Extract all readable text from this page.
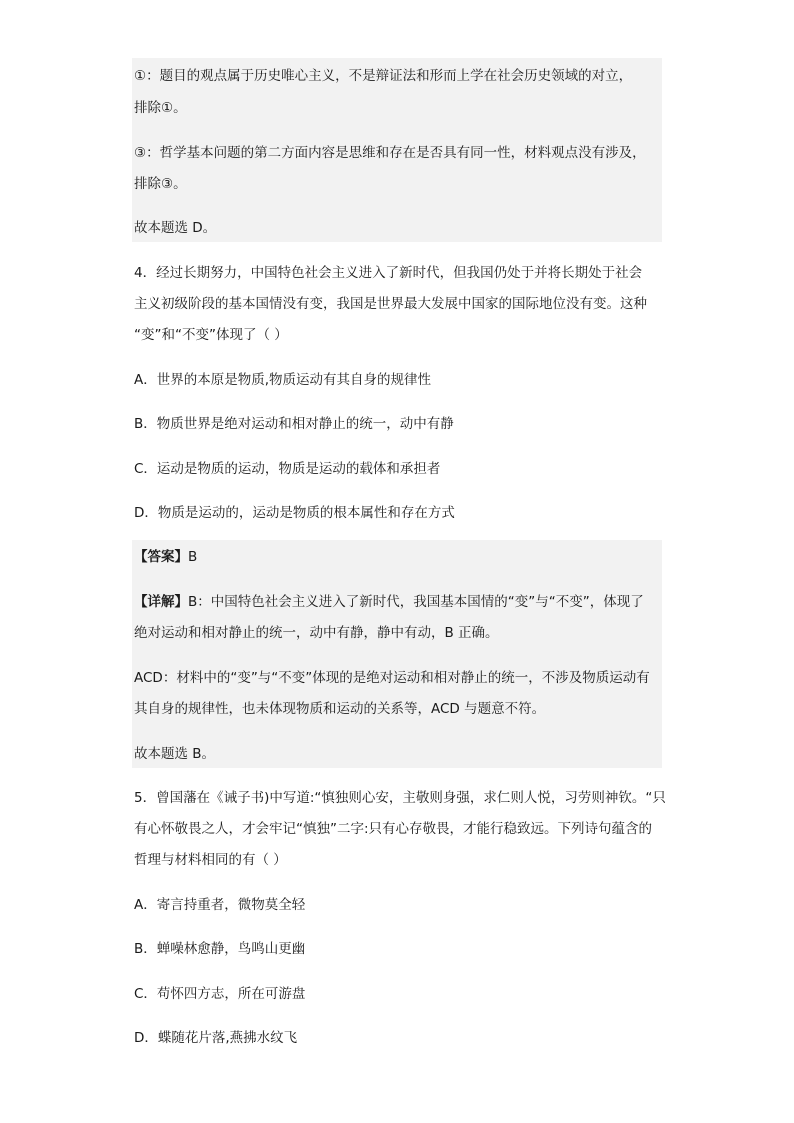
①：题目的观点属于历史唯心主义，不是辩证法和形而上学在社会历史领域的对立，
排除①。
③：哲学基本问题的第二方面内容是思维和存在是否具有同一性，材料观点没有涉及，
排除③。
故本题选 D。
4．经过长期努力，中国特色社会主义进入了新时代，但我国仍处于并将长期处于社会
主义初级阶段的基本国情没有变，我国是世界最大发展中国家的国际地位没有变。这种
“变”和“不变”体现了（ ）
A．世界的本原是物质,物质运动有其自身的规律性
B．物质世界是绝对运动和相对静止的统一，动中有静
C．运动是物质的运动，物质是运动的载体和承担者
D．物质是运动的，运动是物质的根本属性和存在方式
【答案】B
【详解】B：中国特色社会主义进入了新时代，我国基本国情的“变”与“不变”，体现了
绝对运动和相对静止的统一，动中有静，静中有动，B 正确。
ACD：材料中的“变”与“不变”体现的是绝对运动和相对静止的统一，不涉及物质运动有
其自身的规律性，也未体现物质和运动的关系等，ACD 与题意不符。
故本题选 B。
5．曾国藩在《诫子书)中写道:“慎独则心安，主敬则身强，求仁则人悦，习劳则神钦。“只
有心怀敬畏之人，才会牢记“慎独”二字:只有心存敬畏，才能行稳致远。下列诗句蕴含的
哲理与材料相同的有（ ）
A．寄言持重者，微物莫全轻
B．蝉噪林愈静，鸟鸣山更幽
C．苟怀四方志，所在可游盘
D．蝶随花片落,燕拂水纹飞
